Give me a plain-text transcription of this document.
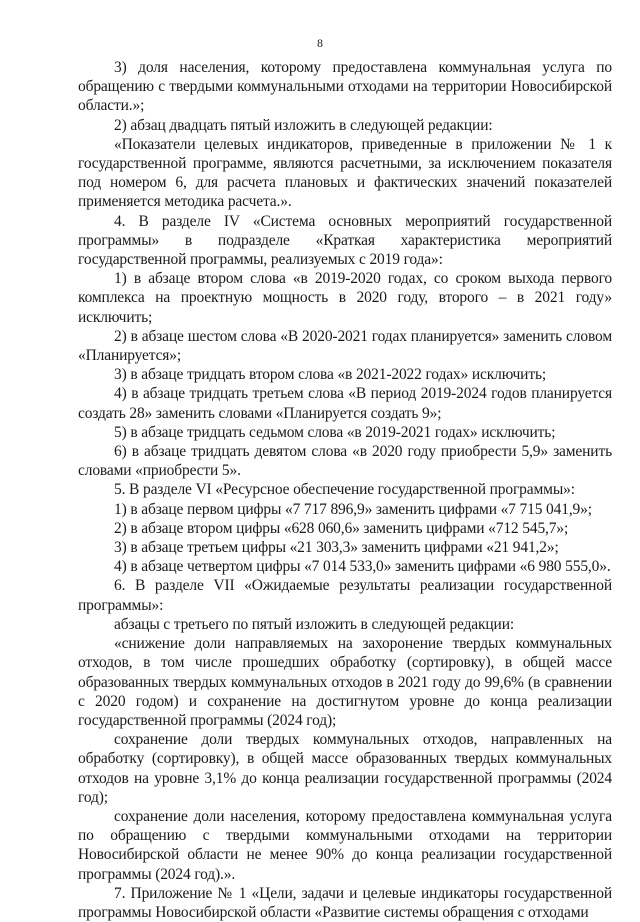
8

3) доля населения, которому предоставлена коммунальная услуга по обращению с твердыми коммунальными отходами на территории Новосибирской области.»;

2) абзац двадцать пятый изложить в следующей редакции:

«Показатели целевых индикаторов, приведенные в приложении № 1 к государственной программе, являются расчетными, за исключением показателя под номером 6, для расчета плановых и фактических значений показателей применяется методика расчета.».

4. В разделе IV «Система основных мероприятий государственной программы» в подразделе «Краткая характеристика мероприятий государственной программы, реализуемых с 2019 года»:

1) в абзаце втором слова «в 2019-2020 годах, со сроком выхода первого комплекса на проектную мощность в 2020 году, второго – в 2021 году» исключить;

2) в абзаце шестом слова «В 2020-2021 годах планируется» заменить словом «Планируется»;

3) в абзаце тридцать втором слова «в 2021-2022 годах» исключить;

4) в абзаце тридцать третьем слова «В период 2019-2024 годов планируется создать 28» заменить словами «Планируется создать 9»;

5) в абзаце тридцать седьмом слова «в 2019-2021 годах» исключить;

6) в абзаце тридцать девятом слова «в 2020 году приобрести 5,9» заменить словами «приобрести 5».

5. В разделе VI «Ресурсное обеспечение государственной программы»:

1) в абзаце первом цифры «7 717 896,9» заменить цифрами «7 715 041,9»;

2) в абзаце втором цифры «628 060,6» заменить цифрами «712 545,7»;

3) в абзаце третьем цифры «21 303,3» заменить цифрами «21 941,2»;

4) в абзаце четвертом цифры «7 014 533,0» заменить цифрами «6 980 555,0».

6. В разделе VII «Ожидаемые результаты реализации государственной программы»:

абзацы с третьего по пятый изложить в следующей редакции:

«снижение доли направляемых на захоронение твердых коммунальных отходов, в том числе прошедших обработку (сортировку), в общей массе образованных твердых коммунальных отходов в 2021 году до 99,6% (в сравнении с 2020 годом) и сохранение на достигнутом уровне до конца реализации государственной программы (2024 год);

сохранение доли твердых коммунальных отходов, направленных на обработку (сортировку), в общей массе образованных твердых коммунальных отходов на уровне 3,1% до конца реализации государственной программы (2024 год);

сохранение доли населения, которому предоставлена коммунальная услуга по обращению с твердыми коммунальными отходами на территории Новосибирской области не менее 90% до конца реализации государственной программы (2024 год).».

7. Приложение № 1 «Цели, задачи и целевые индикаторы государственной программы Новосибирской области «Развитие системы обращения с отходами
